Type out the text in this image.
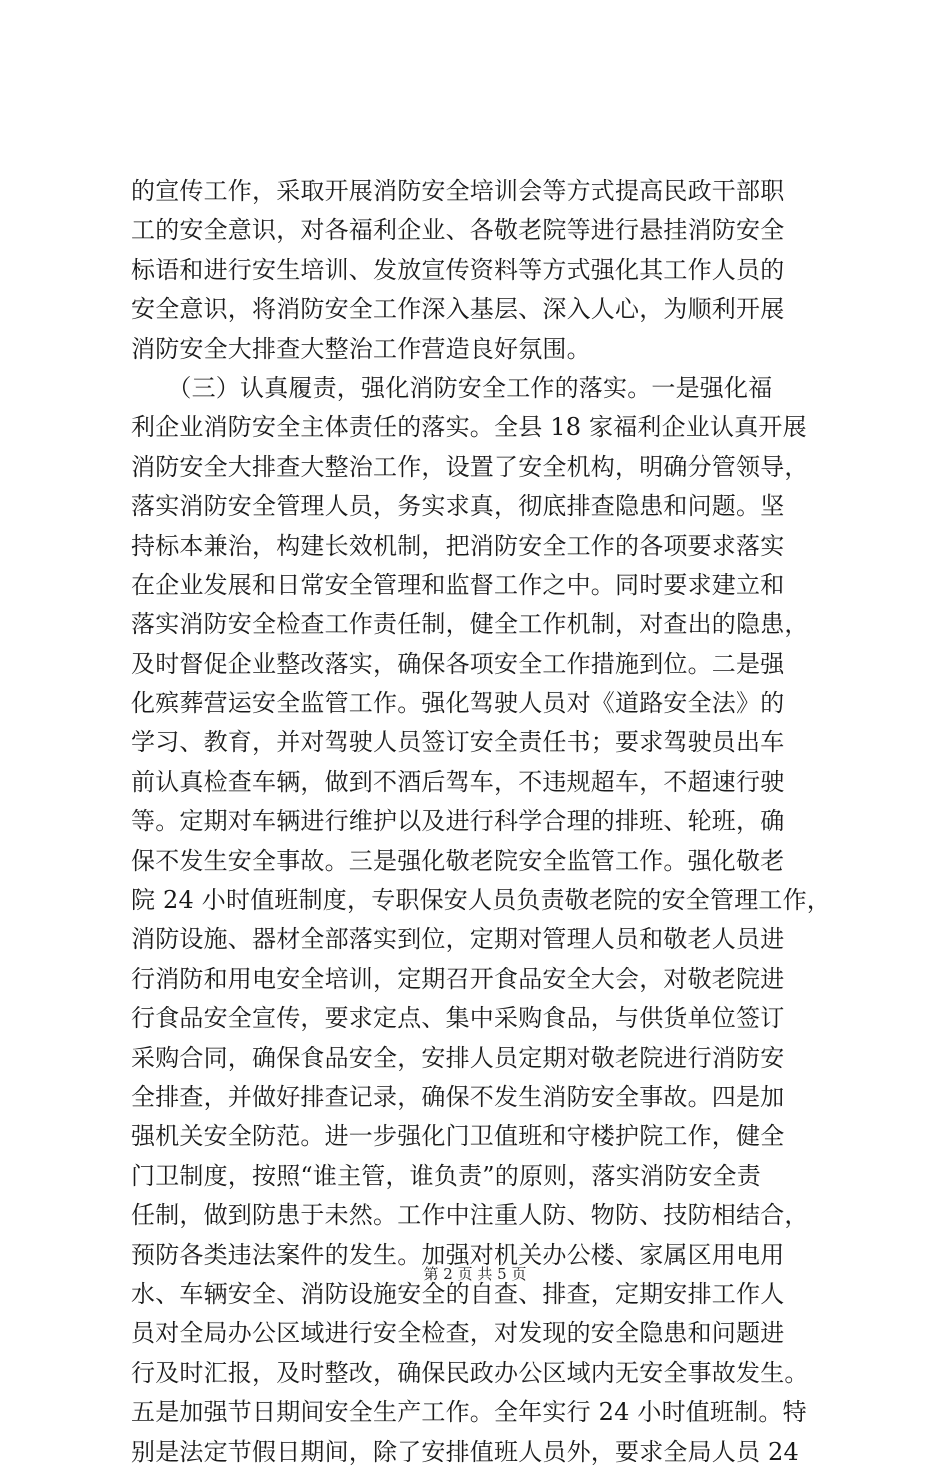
的宣传工作，采取开展消防安全培训会等方式提高民政干部职
工的安全意识，对各福利企业、各敬老院等进行悬挂消防安全
标语和进行安生培训、发放宣传资料等方式强化其工作人员的
安全意识，将消防安全工作深入基层、深入人心，为顺利开展
消防安全大排查大整治工作营造良好氛围。
　　（三）认真履责，强化消防安全工作的落实。一是强化福
利企业消防安全主体责任的落实。全县 18 家福利企业认真开展
消防安全大排查大整治工作，设置了安全机构，明确分管领导，
落实消防安全管理人员，务实求真，彻底排查隐患和问题。坚
持标本兼治，构建长效机制，把消防安全工作的各项要求落实
在企业发展和日常安全管理和监督工作之中。同时要求建立和
落实消防安全检查工作责任制，健全工作机制，对查出的隐患，
及时督促企业整改落实，确保各项安全工作措施到位。二是强
化殡葬营运安全监管工作。强化驾驶人员对《道路安全法》的
学习、教育，并对驾驶人员签订安全责任书；要求驾驶员出车
前认真检查车辆，做到不酒后驾车，不违规超车，不超速行驶
等。定期对车辆进行维护以及进行科学合理的排班、轮班，确
保不发生安全事故。三是强化敬老院安全监管工作。强化敬老
院 24 小时值班制度，专职保安人员负责敬老院的安全管理工作，
消防设施、器材全部落实到位，定期对管理人员和敬老人员进
行消防和用电安全培训，定期召开食品安全大会，对敬老院进
行食品安全宣传，要求定点、集中采购食品，与供货单位签订
采购合同，确保食品安全，安排人员定期对敬老院进行消防安
全排查，并做好排查记录，确保不发生消防安全事故。四是加
强机关安全防范。进一步强化门卫值班和守楼护院工作，健全
门卫制度，按照“谁主管，谁负责”的原则，落实消防安全责
任制，做到防患于未然。工作中注重人防、物防、技防相结合，
预防各类违法案件的发生。加强对机关办公楼、家属区用电用
水、车辆安全、消防设施安全的自查、排查，定期安排工作人
员对全局办公区域进行安全检查，对发现的安全隐患和问题进
行及时汇报，及时整改，确保民政办公区域内无安全事故发生。
五是加强节日期间安全生产工作。全年实行 24 小时值班制。特
别是法定节假日期间，除了安排值班人员外，要求全局人员 24
第 2 页 共 5 页
